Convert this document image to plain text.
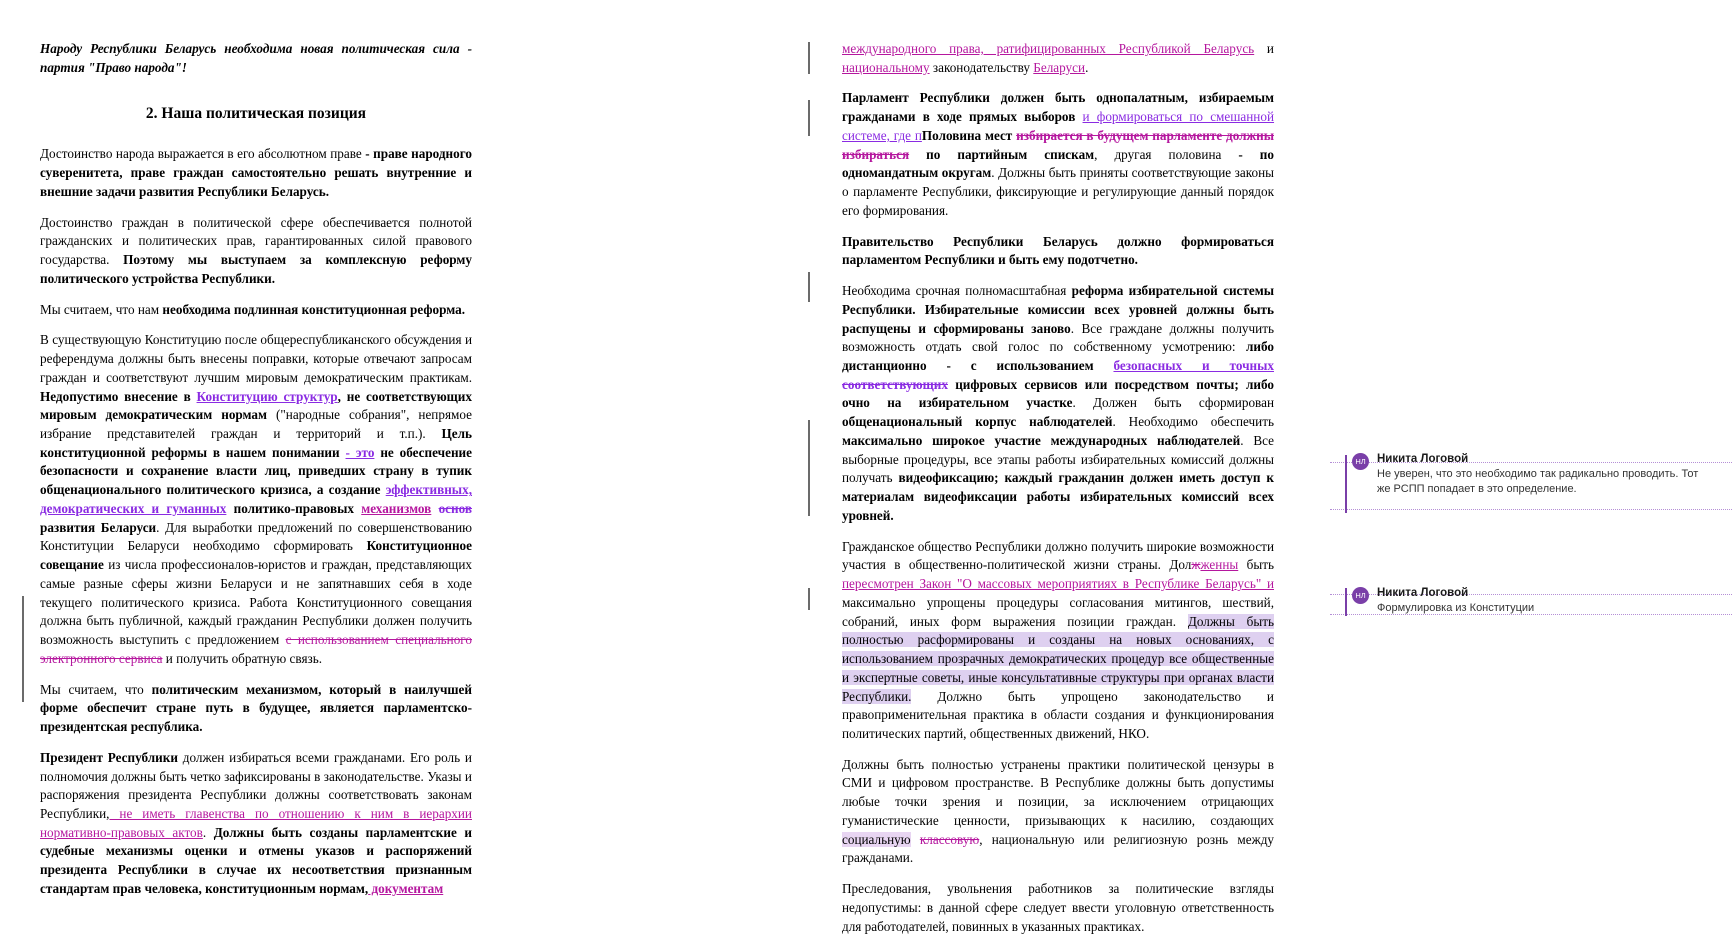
Народу Республики Беларусь необходима новая политическая сила - партия "Право народа"!

2. Наша политическая позиция

Достоинство народа выражается в его абсолютном праве - праве народного суверенитета, праве граждан самостоятельно решать внутренние и внешние задачи развития Республики Беларусь.

Достоинство граждан в политической сфере обеспечивается полнотой гражданских и политических прав, гарантированных силой правового государства. Поэтому мы выступаем за комплексную реформу политического устройства Республики.

Мы считаем, что нам необходима подлинная конституционная реформа.

В существующую Конституцию после общереспубликанского обсуждения и референдума должны быть внесены поправки, которые отвечают запросам граждан и соответствуют лучшим мировым демократическим практикам. Недопустимо внесение в Конституцию структур, не соответствующих мировым демократическим нормам ("народные собрания", непрямое избрание представителей граждан и территорий и т.п.). Цель конституционной реформы в нашем понимании - это не обеспечение безопасности и сохранение власти лиц, приведших страну в тупик общенационального политического кризиса, а создание эффективных, демократических и гуманных политико-правовых механизмов основ развития Беларуси. Для выработки предложений по совершенствованию Конституции Беларуси необходимо сформировать Конституционное совещание из числа профессионалов-юристов и граждан, представляющих самые разные сферы жизни Беларуси и не запятнавших себя в ходе текущего политического кризиса. Работа Конституционного совещания должна быть публичной, каждый гражданин Республики должен получить возможность выступить с предложением с использованием специального электронного сервиса и получить обратную связь.

Мы считаем, что политическим механизмом, который в наилучшей форме обеспечит стране путь в будущее, является парламентско-президентская республика.

Президент Республики должен избираться всеми гражданами. Его роль и полномочия должны быть четко зафиксированы в законодательстве. Указы и распоряжения президента Республики должны соответствовать законам Республики, не иметь главенства по отношению к ним в иерархии нормативно-правовых актов. Должны быть созданы парламентские и судебные механизмы оценки и отмены указов и распоряжений президента Республики в случае их несоответствия признанным стандартам прав человека, конституционным нормам, документам

международного права, ратифицированных Республикой Беларусь и национальному законодательству Беларуси.

Парламент Республики должен быть однопалатным, избираемым гражданами в ходе прямых выборов и формироваться по смешанной системе, где пПоловина мест избирается в будущем парламенте должны избираться по партийным спискам, другая половина - по одномандатным округам. Должны быть приняты соответствующие законы о парламенте Республики, фиксирующие и регулирующие данный порядок его формирования.

Правительство Республики Беларусь должно формироваться парламентом Республики и быть ему подотчетно.

Необходима срочная полномасштабная реформа избирательной системы Республики. Избирательные комиссии всех уровней должны быть распущены и сформированы заново. Все граждане должны получить возможность отдать свой голос по собственному усмотрению: либо дистанционно - с использованием безопасных и точных соответствующих цифровых сервисов или посредством почты; либо очно на избирательном участке. Должен быть сформирован общенациональный корпус наблюдателей. Необходимо обеспечить максимально широкое участие международных наблюдателей. Все выборные процедуры, все этапы работы избирательных комиссий должны получать видеофиксацию; каждый гражданин должен иметь доступ к материалам видеофиксации работы избирательных комиссий всех уровней.

Гражданское общество Республики должно получить широкие возможности участия в общественно-политической жизни страны. Должженны быть пересмотрен Закон "О массовых мероприятиях в Республике Беларусь" и максимально упрощены процедуры согласования митингов, шествий, собраний, иных форм выражения позиции граждан. Должны быть полностью расформированы и созданы на новых основаниях, с использованием прозрачных демократических процедур все общественные и экспертные советы, иные консультативные структуры при органах власти Республики. Должно быть упрощено законодательство и правоприменительная практика в области создания и функционирования политических партий, общественных движений, НКО.

Должны быть полностью устранены практики политической цензуры в СМИ и цифровом пространстве. В Республике должны быть допустимы любые точки зрения и позиции, за исключением отрицающих гуманистические ценности, призывающих к насилию, создающих социальную классовую, национальную или религиозную рознь между гражданами.

Преследования, увольнения работников за политические взгляды недопустимы: в данной сфере следует ввести уголовную ответственность для работодателей, повинных в указанных практиках.

НЛ Никита Логовой
Не уверен, что это необходимо так радикально проводить. Тот же РСПП попадает в это определение.
НЛ Никита Логовой
Формулировка из Конституции
